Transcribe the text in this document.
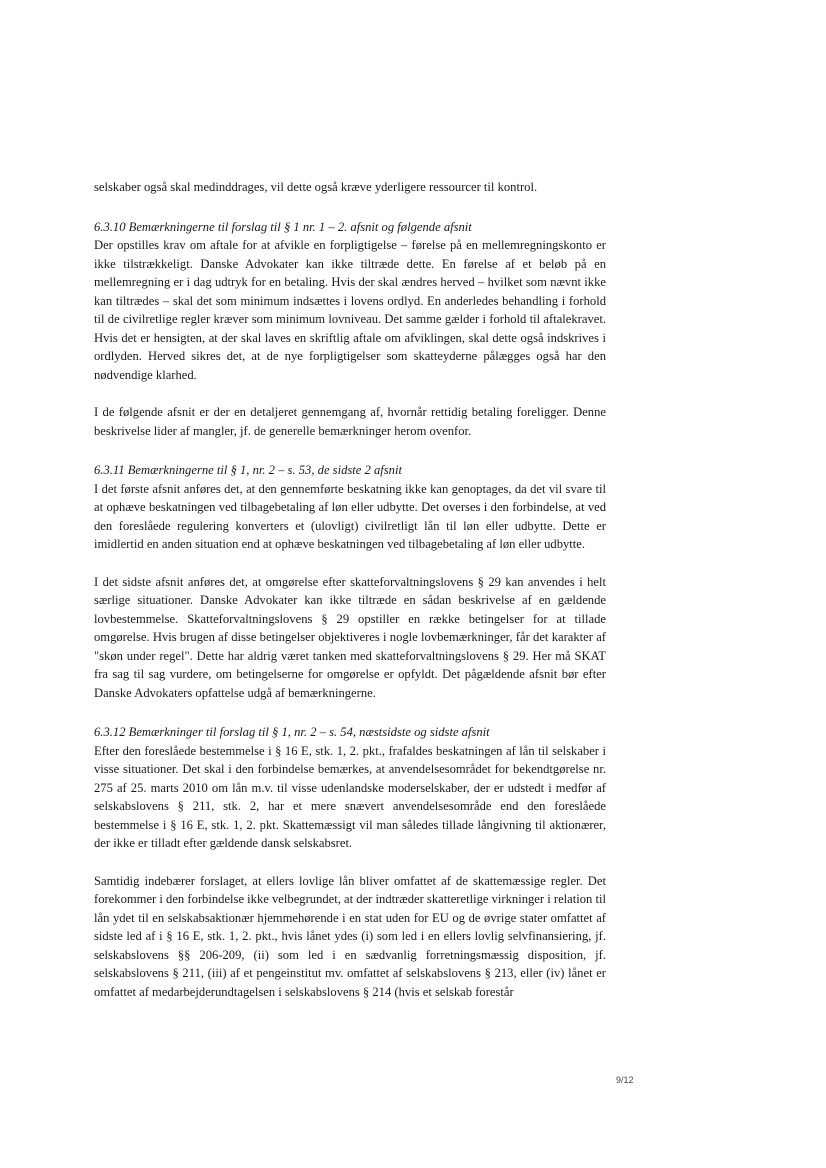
selskaber også skal medinddrages, vil dette også kræve yderligere ressourcer til kontrol.

6.3.10 Bemærkningerne til forslag til § 1 nr. 1 – 2. afsnit og følgende afsnit

Der opstilles krav om aftale for at afvikle en forpligtigelse – førelse på en mellemregningskonto er ikke tilstrækkeligt. Danske Advokater kan ikke tiltræde dette. En førelse af et beløb på en mellemregning er i dag udtryk for en betaling. Hvis der skal ændres herved – hvilket som nævnt ikke kan tiltrædes – skal det som minimum indsættes i lovens ordlyd. En anderledes behandling i forhold til de civilretlige regler kræver som minimum lovniveau. Det samme gælder i forhold til aftalekravet. Hvis det er hensigten, at der skal laves en skriftlig aftale om afviklingen, skal dette også indskrives i ordlyden. Herved sikres det, at de nye forpligtigelser som skatteyderne pålægges også har den nødvendige klarhed.

I de følgende afsnit er der en detaljeret gennemgang af, hvornår rettidig betaling foreligger. Denne beskrivelse lider af mangler, jf. de generelle bemærkninger herom ovenfor.

6.3.11 Bemærkningerne til § 1, nr. 2 – s. 53, de sidste 2 afsnit

I det første afsnit anføres det, at den gennemførte beskatning ikke kan genoptages, da det vil svare til at ophæve beskatningen ved tilbagebetaling af løn eller udbytte. Det overses i den forbindelse, at ved den foreslåede regulering konverters et (ulovligt) civilretligt lån til løn eller udbytte. Dette er imidlertid en anden situation end at ophæve beskatningen ved tilbagebetaling af løn eller udbytte.

I det sidste afsnit anføres det, at omgørelse efter skatteforvaltningslovens § 29 kan anvendes i helt særlige situationer. Danske Advokater kan ikke tiltræde en sådan beskrivelse af en gældende lovbestemmelse. Skatteforvaltningslovens § 29 opstiller en række betingelser for at tillade omgørelse. Hvis brugen af disse betingelser objektiveres i nogle lovbemærkninger, får det karakter af "skøn under regel". Dette har aldrig været tanken med skatteforvaltningslovens § 29. Her må SKAT fra sag til sag vurdere, om betingelserne for omgørelse er opfyldt. Det pågældende afsnit bør efter Danske Advokaters opfattelse udgå af bemærkningerne.

6.3.12 Bemærkninger til forslag til § 1, nr. 2 – s. 54, næstsidste og sidste afsnit

Efter den foreslåede bestemmelse i § 16 E, stk. 1, 2. pkt., frafaldes beskatningen af lån til selskaber i visse situationer. Det skal i den forbindelse bemærkes, at anvendelsesområdet for bekendtgørelse nr. 275 af 25. marts 2010 om lån m.v. til visse udenlandske moderselskaber, der er udstedt i medfør af selskabslovens § 211, stk. 2, har et mere snævert anvendelsesområde end den foreslåede bestemmelse i § 16 E, stk. 1, 2. pkt. Skattemæssigt vil man således tillade långivning til aktionærer, der ikke er tilladt efter gældende dansk selskabsret.

Samtidig indebærer forslaget, at ellers lovlige lån bliver omfattet af de skattemæssige regler. Det forekommer i den forbindelse ikke velbegrundet, at der indtræder skatteretlige virkninger i relation til lån ydet til en selskabsaktionær hjemmehørende i en stat uden for EU og de øvrige stater omfattet af sidste led af i § 16 E, stk. 1, 2. pkt., hvis lånet ydes (i) som led i en ellers lovlig selvfinansiering, jf. selskabslovens §§ 206-209, (ii) som led i en sædvanlig forretningsmæssig disposition, jf. selskabslovens § 211, (iii) af et pengeinstitut mv. omfattet af selskabslovens § 213, eller (iv) lånet er omfattet af medarbejderundtagelsen i selskabslovens § 214 (hvis et selskab forestår

9/12
